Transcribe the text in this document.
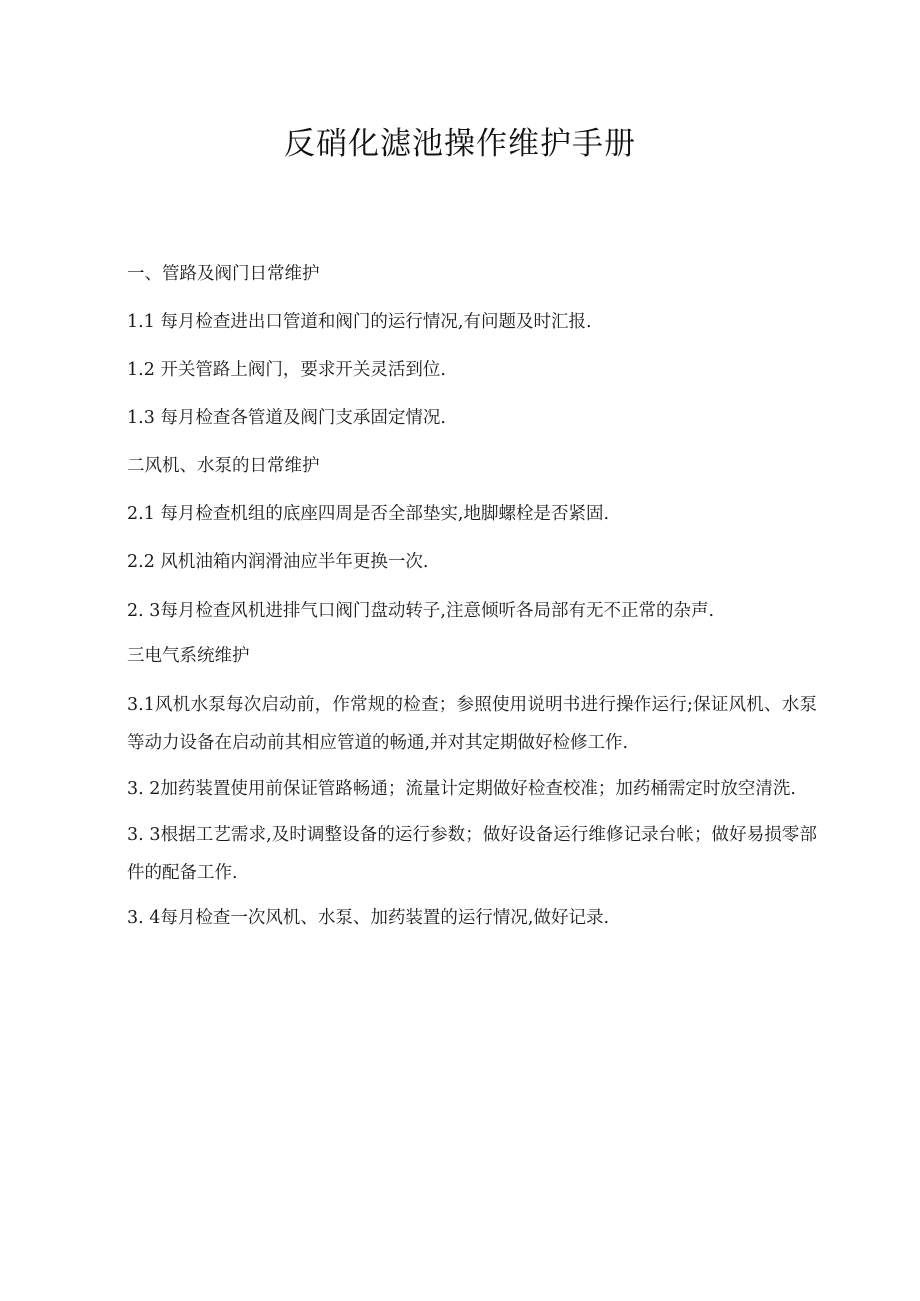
反硝化滤池操作维护手册

一、管路及阀门日常维护

1.1 每月检查进出口管道和阀门的运行情况,有问题及时汇报.

1.2 开关管路上阀门，要求开关灵活到位.

1.3 每月检查各管道及阀门支承固定情况.

二风机、水泵的日常维护

2.1 每月检查机组的底座四周是否全部垫实,地脚螺栓是否紧固.

2.2 风机油箱内润滑油应半年更换一次.

2. 3每月检查风机进排气口阀门盘动转子,注意倾听各局部有无不正常的杂声.

三电气系统维护

3.1风机水泵每次启动前，作常规的检查；参照使用说明书进行操作运行;保证风机、水泵等动力设备在启动前其相应管道的畅通,并对其定期做好检修工作.

3. 2加药装置使用前保证管路畅通；流量计定期做好检查校准；加药桶需定时放空清洗.

3. 3根据工艺需求,及时调整设备的运行参数；做好设备运行维修记录台帐；做好易损零部件的配备工作.

3. 4每月检查一次风机、水泵、加药装置的运行情况,做好记录.
